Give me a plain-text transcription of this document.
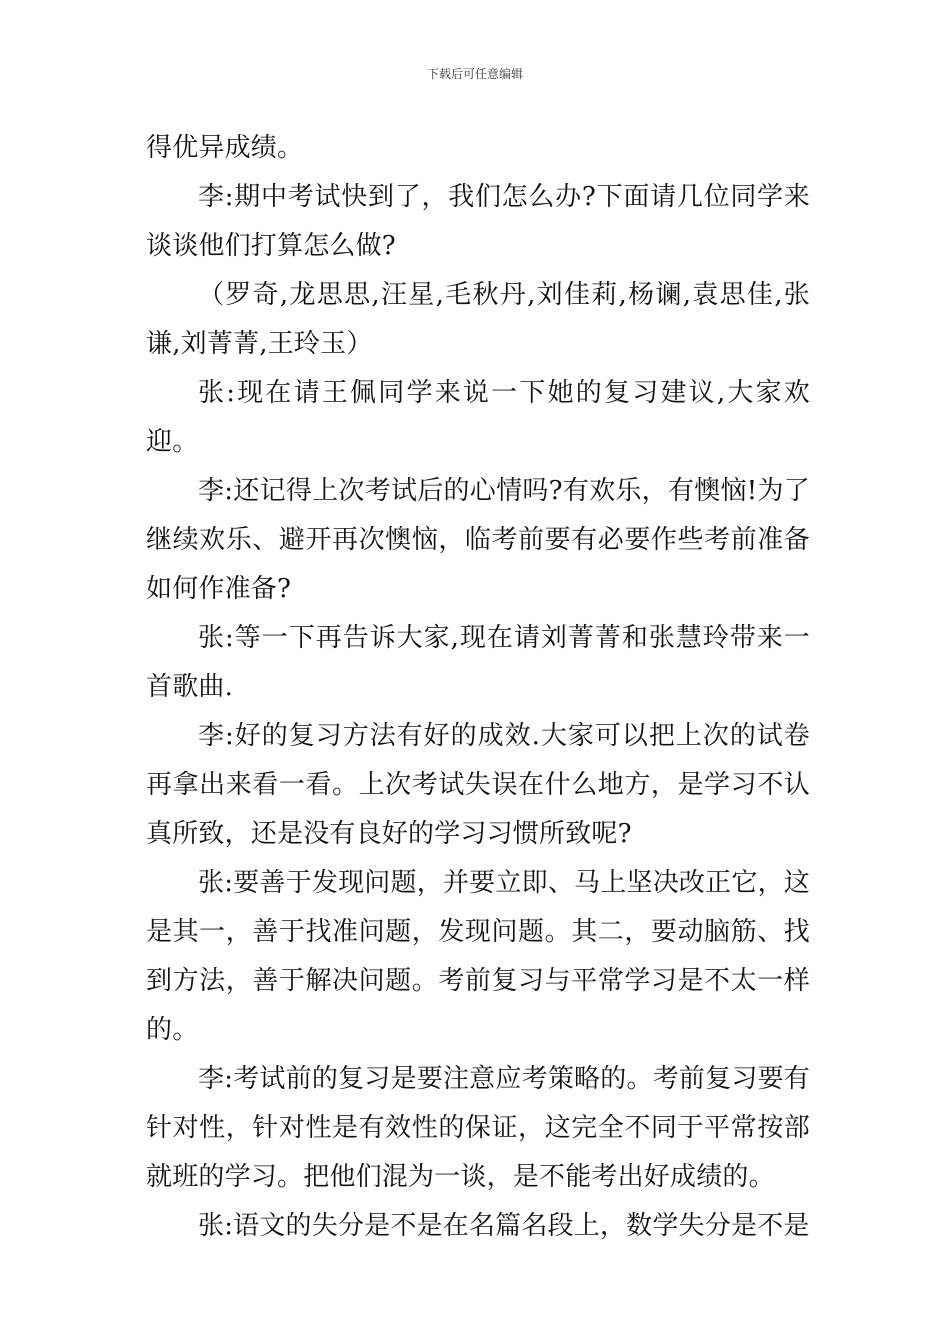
下载后可任意编辑

得优异成绩。

李:期中考试快到了，我们怎么办?下面请几位同学来谈谈他们打算怎么做?

（罗奇,龙思思,汪星,毛秋丹,刘佳莉,杨谰,袁思佳,张谦,刘菁菁,王玲玉）

张:现在请王佩同学来说一下她的复习建议,大家欢迎。

李:还记得上次考试后的心情吗?有欢乐，有懊恼!为了继续欢乐、避开再次懊恼，临考前要有必要作些考前准备如何作准备?

张:等一下再告诉大家,现在请刘菁菁和张慧玲带来一首歌曲.

李:好的复习方法有好的成效.大家可以把上次的试卷再拿出来看一看。上次考试失误在什么地方，是学习不认真所致，还是没有良好的学习习惯所致呢?

张:要善于发现问题，并要立即、马上坚决改正它，这是其一，善于找准问题，发现问题。其二，要动脑筋、找到方法，善于解决问题。考前复习与平常学习是不太一样的。

李:考试前的复习是要注意应考策略的。考前复习要有针对性，针对性是有效性的保证，这完全不同于平常按部就班的学习。把他们混为一谈，是不能考出好成绩的。

张:语文的失分是不是在名篇名段上，数学失分是不是
